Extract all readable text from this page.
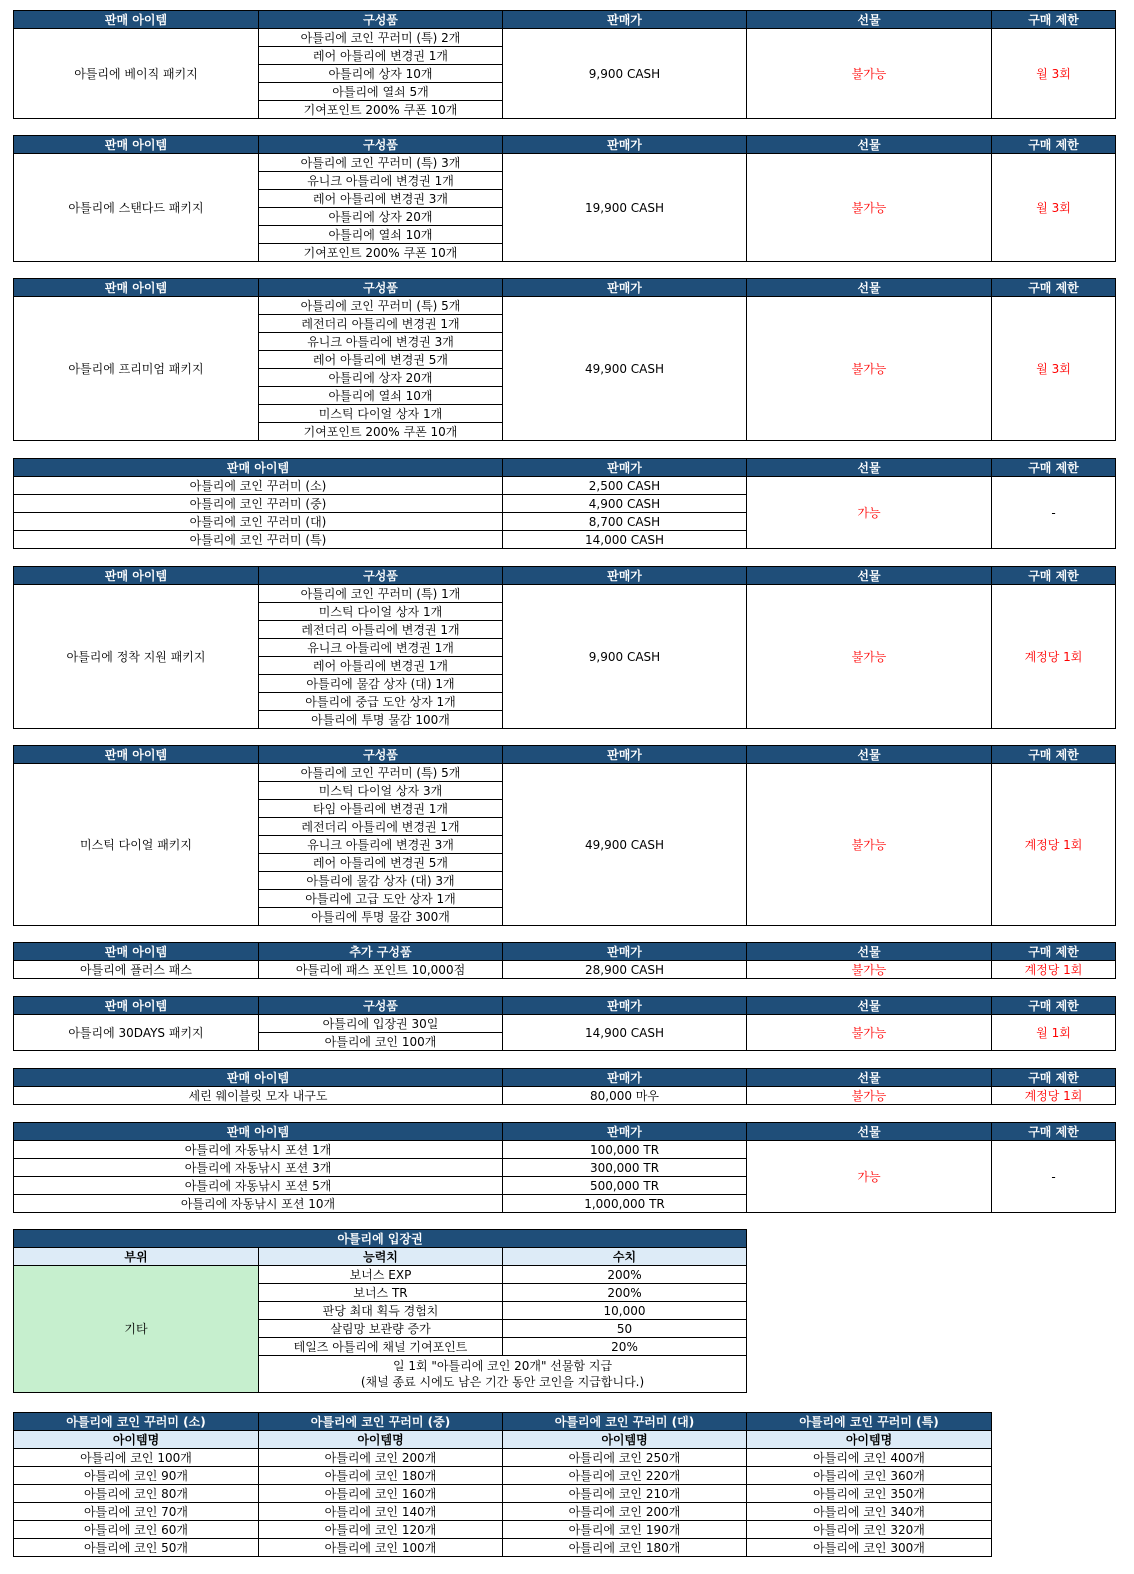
판매 아이템	구성품	판매가	선물	구매 제한
아틀리에 베이직 패키지	아틀리에 코인 꾸러미 (특) 2개	9,900 CASH	불가능	월 3회
	레어 아틀리에 변경권 1개			
	아틀리에 상자 10개			
	아틀리에 열쇠 5개			
	기여포인트 200% 쿠폰 10개			
판매 아이템	구성품	판매가	선물	구매 제한
아틀리에 스탠다드 패키지	아틀리에 코인 꾸러미 (특) 3개	19,900 CASH	불가능	월 3회
	유니크 아틀리에 변경권 1개			
	레어 아틀리에 변경권 3개			
	아틀리에 상자 20개			
	아틀리에 열쇠 10개			
	기여포인트 200% 쿠폰 10개			
판매 아이템	구성품	판매가	선물	구매 제한
아틀리에 프리미엄 패키지	아틀리에 코인 꾸러미 (특) 5개	49,900 CASH	불가능	월 3회
	레전더리 아틀리에 변경권 1개			
	유니크 아틀리에 변경권 3개			
	레어 아틀리에 변경권 5개			
	아틀리에 상자 20개			
	아틀리에 열쇠 10개			
	미스틱 다이얼 상자 1개			
	기여포인트 200% 쿠폰 10개			
판매 아이템	판매가	선물	구매 제한
아틀리에 코인 꾸러미 (소)	2,500 CASH	가능	-
아틀리에 코인 꾸러미 (중)	4,900 CASH		
아틀리에 코인 꾸러미 (대)	8,700 CASH		
아틀리에 코인 꾸러미 (특)	14,000 CASH		
판매 아이템	구성품	판매가	선물	구매 제한
아틀리에 정착 지원 패키지	아틀리에 코인 꾸러미 (특) 1개	9,900 CASH	불가능	계정당 1회
	미스틱 다이얼 상자 1개			
	레전더리 아틀리에 변경권 1개			
	유니크 아틀리에 변경권 1개			
	레어 아틀리에 변경권 1개			
	아틀리에 물감 상자 (대) 1개			
	아틀리에 중급 도안 상자 1개			
	아틀리에 투명 물감 100개			
판매 아이템	구성품	판매가	선물	구매 제한
미스틱 다이얼 패키지	아틀리에 코인 꾸러미 (특) 5개	49,900 CASH	불가능	계정당 1회
	미스틱 다이얼 상자 3개			
	타임 아틀리에 변경권 1개			
	레전더리 아틀리에 변경권 1개			
	유니크 아틀리에 변경권 3개			
	레어 아틀리에 변경권 5개			
	아틀리에 물감 상자 (대) 3개			
	아틀리에 고급 도안 상자 1개			
	아틀리에 투명 물감 300개			
판매 아이템	추가 구성품	판매가	선물	구매 제한
아틀리에 플러스 패스	아틀리에 패스 포인트 10,000점	28,900 CASH	불가능	계정당 1회
판매 아이템	구성품	판매가	선물	구매 제한
아틀리에 30DAYS 패키지	아틀리에 입장권 30일	14,900 CASH	불가능	월 1회
	아틀리에 코인 100개			
판매 아이템	판매가	선물	구매 제한
세린 웨이블릿 모자 내구도	80,000 마우	불가능	계정당 1회
판매 아이템	판매가	선물	구매 제한
아틀리에 자동낚시 포션 1개	100,000 TR	가능	-
아틀리에 자동낚시 포션 3개	300,000 TR		
아틀리에 자동낚시 포션 5개	500,000 TR		
아틀리에 자동낚시 포션 10개	1,000,000 TR		
아틀리에 입장권		
부위	능력치	수치
기타	보너스 EXP	200%
	보너스 TR	200%
	판당 최대 획득 경험치	10,000
	살림망 보관량 증가	50
	테일즈 아틀리에 채널 기여포인트	20%

	일 1회 "아틀리에 코인 20개" 선물함 지급
(채널 종료 시에도 남은 기간 동안 코인을 지급합니다.)	
아틀리에 코인 꾸러미 (소)	아틀리에 코인 꾸러미 (중)	아틀리에 코인 꾸러미 (대)	아틀리에 코인 꾸러미 (특)
아이템명	아이템명	아이템명	아이템명
아틀리에 코인 100개	아틀리에 코인 200개	아틀리에 코인 250개	아틀리에 코인 400개
아틀리에 코인 90개	아틀리에 코인 180개	아틀리에 코인 220개	아틀리에 코인 360개
아틀리에 코인 80개	아틀리에 코인 160개	아틀리에 코인 210개	아틀리에 코인 350개
아틀리에 코인 70개	아틀리에 코인 140개	아틀리에 코인 200개	아틀리에 코인 340개
아틀리에 코인 60개	아틀리에 코인 120개	아틀리에 코인 190개	아틀리에 코인 320개
아틀리에 코인 50개	아틀리에 코인 100개	아틀리에 코인 180개	아틀리에 코인 300개
